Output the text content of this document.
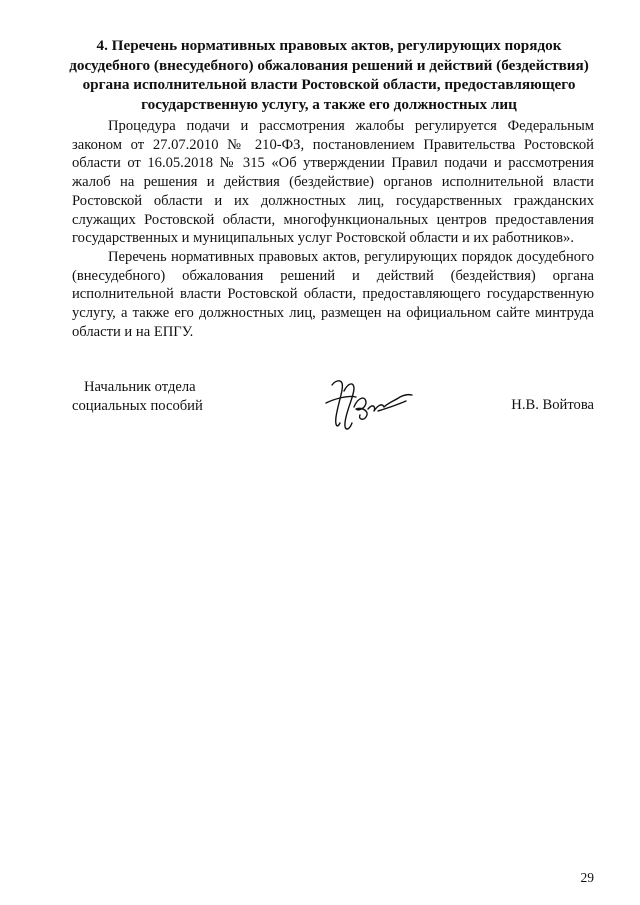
4. Перечень нормативных правовых актов, регулирующих порядок досудебного (внесудебного) обжалования решений и действий (бездействия) органа исполнительной власти Ростовской области, предоставляющего государственную услугу, а также его должностных лиц

Процедура подачи и рассмотрения жалобы регулируется Федеральным законом от 27.07.2010 № 210-ФЗ, постановлением Правительства Ростовской области от 16.05.2018 № 315 «Об утверждении Правил подачи и рассмотрения жалоб на решения и действия (бездействие) органов исполнительной власти Ростовской области и их должностных лиц, государственных гражданских служащих Ростовской области, многофункциональных центров предоставления государственных и муниципальных услуг Ростовской области и их работников».

Перечень нормативных правовых актов, регулирующих порядок досудебного (внесудебного) обжалования решений и действий (бездействия) органа исполнительной власти Ростовской области, предоставляющего государственную услугу, а также его должностных лиц, размещен на официальном сайте минтруда области и на ЕПГУ.

Начальник отдела
социальных пособий	Н.В. Войтова
29
